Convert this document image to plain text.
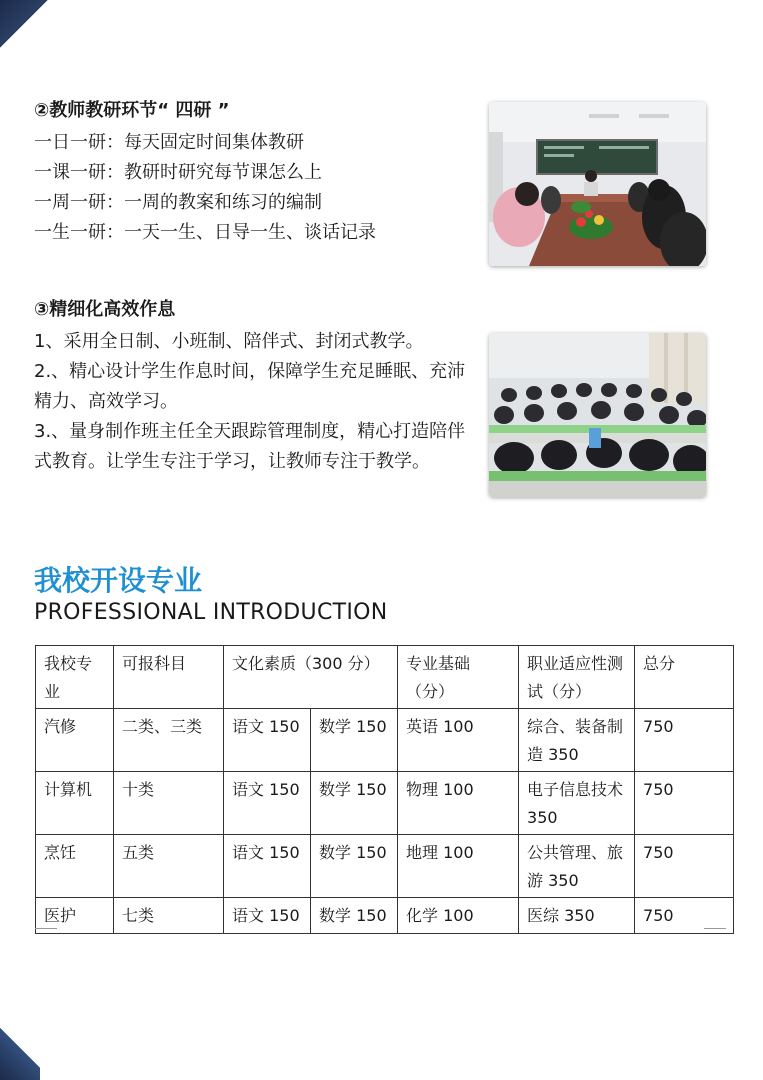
②教师教研环节“ 四研 ”

一日一研：每天固定时间集体教研

一课一研：教研时研究每节课怎么上

一周一研：一周的教案和练习的编制

一生一研：一天一生、日导一生、谈话记录

③精细化高效作息

1、采用全日制、小班制、陪伴式、封闭式教学。

2.、精心设计学生作息时间，保障学生充足睡眠、充沛精力、高效学习。

3.、量身制作班主任全天跟踪管理制度，精心打造陪伴式教育。让学生专注于学习，让教师专注于教学。

我校开设专业

PROFESSIONAL INTRODUCTION

我校专业	可报科目	文化素质（300 分）		专业基础（分）	职业适应性测试（分）	总分
汽修	二类、三类	语文 150	数学 150	英语 100	综合、装备制造 350	750
计算机	十类	语文 150	数学 150	物理 100	电子信息技术 350	750
烹饪	五类	语文 150	数学 150	地理 100	公共管理、旅游 350	750
医护	七类	语文 150	数学 150	化学 100	医综 350	750
